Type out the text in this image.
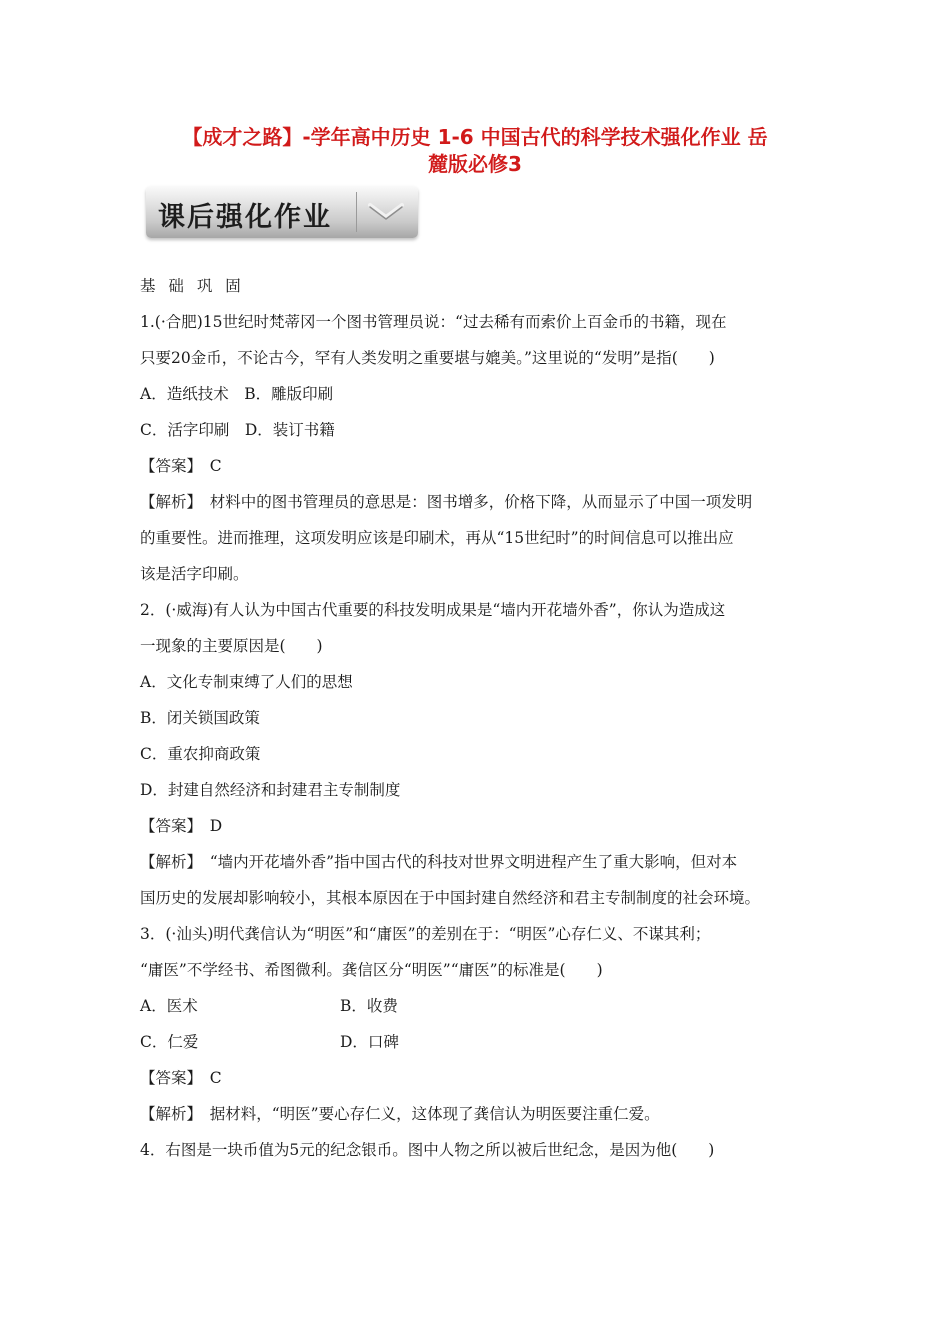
【成才之路】-学年高中历史 1-6 中国古代的科学技术强化作业 岳
麓版必修3
课后强化作业
基 础 巩 固
1.(·合肥)15世纪时梵蒂冈一个图书管理员说：“过去稀有而索价上百金币的书籍，现在
只要20金币，不论古今，罕有人类发明之重要堪与媲美。”这里说的“发明”是指(　　)
A．造纸技术　B．雕版印刷
C．活字印刷　D．装订书籍
【答案】　C
【解析】　材料中的图书管理员的意思是：图书增多，价格下降，从而显示了中国一项发明
的重要性。进而推理，这项发明应该是印刷术，再从“15世纪时”的时间信息可以推出应
该是活字印刷。
2．(·威海)有人认为中国古代重要的科技发明成果是“墙内开花墙外香”，你认为造成这
一现象的主要原因是(　　)
A．文化专制束缚了人们的思想
B．闭关锁国政策
C．重农抑商政策
D．封建自然经济和封建君主专制制度
【答案】　D
【解析】　“墙内开花墙外香”指中国古代的科技对世界文明进程产生了重大影响，但对本
国历史的发展却影响较小，其根本原因在于中国封建自然经济和君主专制制度的社会环境。
3．(·汕头)明代龚信认为“明医”和“庸医”的差别在于：“明医”心存仁义、不谋其利；
“庸医”不学经书、希图微利。龚信区分“明医”“庸医”的标准是(　　)
A．医术	B．收费
C．仁爱	D．口碑
【答案】　C
【解析】　据材料，“明医”要心存仁义，这体现了龚信认为明医要注重仁爱。
4．右图是一块币值为5元的纪念银币。图中人物之所以被后世纪念，是因为他(　　)
